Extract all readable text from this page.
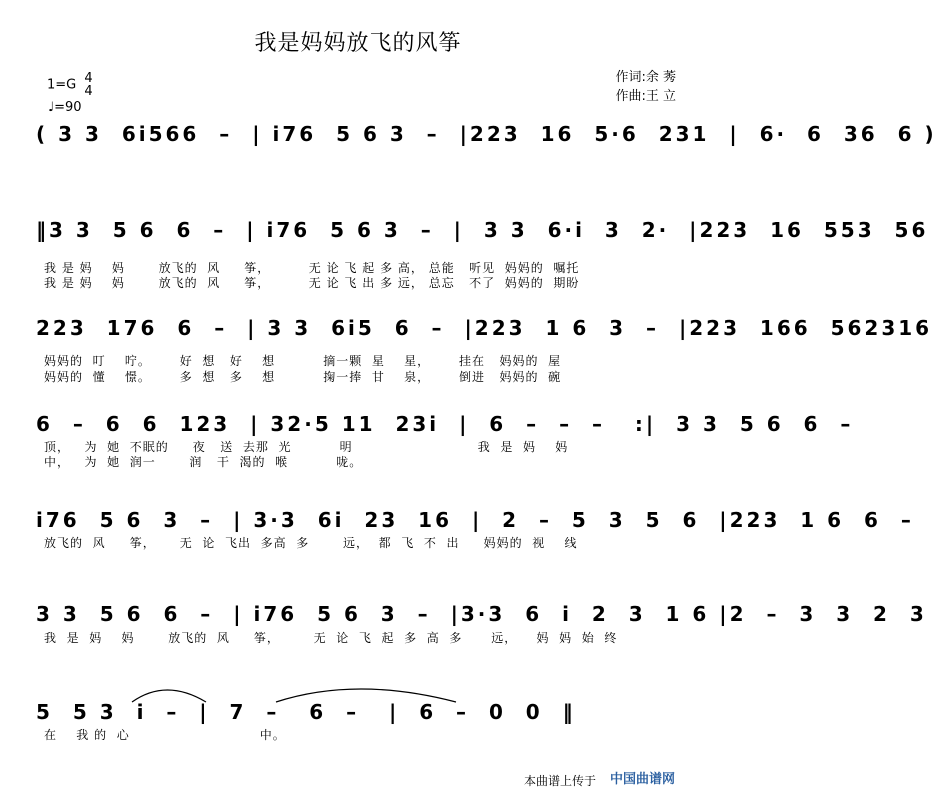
我是妈妈放飞的风筝
1=G 4
4
♩=90
作词:余 莠
作曲:王 立
( 3 3  6i566  –  | i76  5 6 3  –  |223  16  5·6  231  |  6·  6  36  6 )
‖3 3  5 6  6  –  | i76  5 6 3  –  |  3 3  6·i  3  2·  |223  16  553  56
我 是 妈    妈       放飞的  风     筝，        无 论 飞 起 多 高， 总能   听见  妈妈的  嘱托
我 是 妈    妈       放飞的  风     筝，        无 论 飞 出 多 远， 总忘   不了  妈妈的  期盼
223  176  6  –  | 3 3  6i5  6  –  |223  1 6  3  –  |223  166  562316
妈妈的  叮    咛。      好  想   好    想          摘一颗  星    星，      挂在   妈妈的  屋
妈妈的  懂    憬。      多  想   多    想          掬一捧  甘    泉，      倒进   妈妈的  碗
6  –  6  6  123  | 32·5 11  23i  |  6  –  –  –   :|  3 3  5 6  6  –
顶，   为  她  不眠的     夜   送  去那  光          明                          我  是  妈    妈
中，   为  她  润一       润   干  渴的  喉          咙。
i76  5 6  3  –  | 3·3  6i  23  16  |  2  –  5  3  5  6  |223  1 6  6  –
放飞的  风     筝，     无  论  飞出  多高  多       远，  都  飞  不  出     妈妈的  视    线
3 3  5 6  6  –  | i76  5 6  3  –  |3·3  6  i  2  3  1 6 |2  –  3  3  2  3
我  是  妈    妈       放飞的  风     筝，       无  论  飞  起  多  高  多      远，    妈  妈  始  终
5  5 3  i  –  |  7  –   6  –   |  6  –  0  0  ‖
在    我 的  心                           中。
本曲谱上传于 中国曲谱网
